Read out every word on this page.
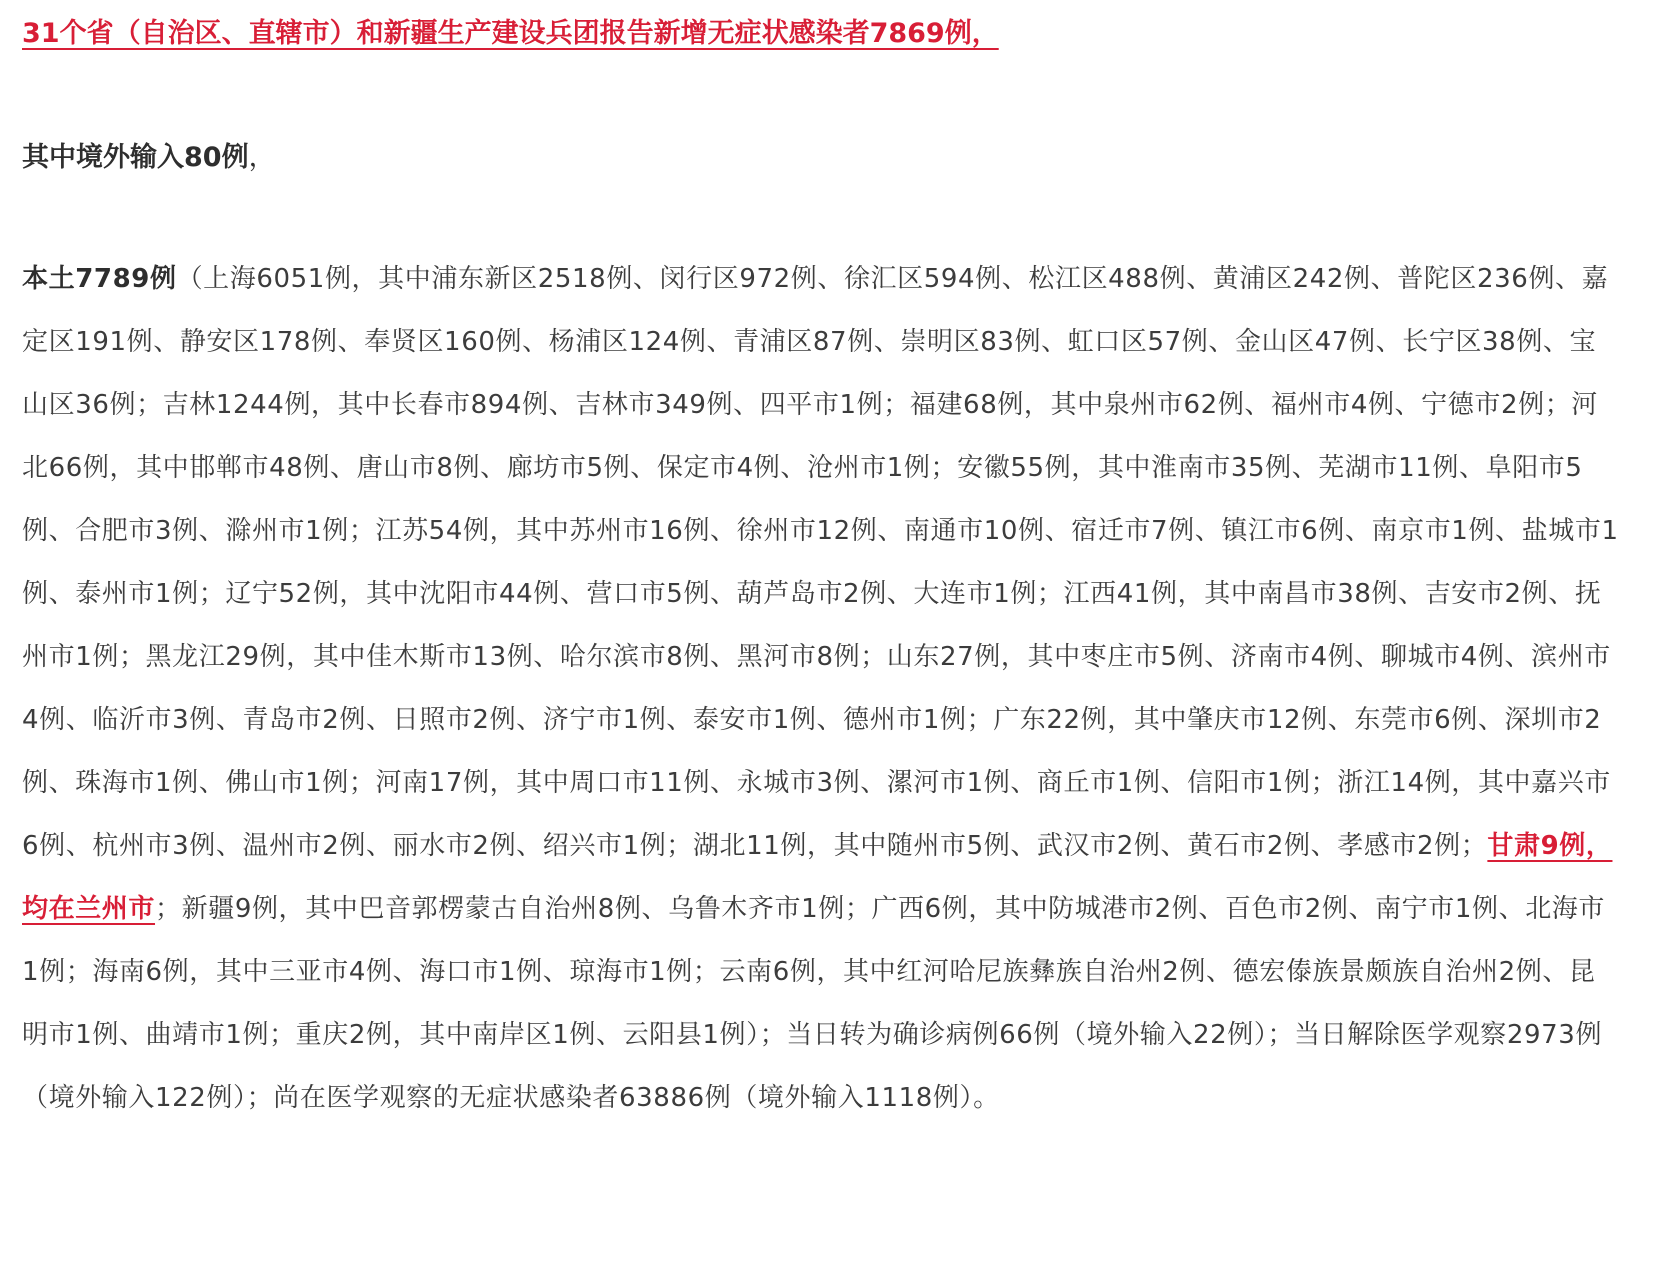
31个省（自治区、直辖市）和新疆生产建设兵团报告新增无症状感染者7869例，

其中境外输入80例，

本土7789例（上海6051例，其中浦东新区2518例、闵行区972例、徐汇区594例、松江区488例、黄浦区242例、普陀区236例、嘉定区191例、静安区178例、奉贤区160例、杨浦区124例、青浦区87例、崇明区83例、虹口区57例、金山区47例、长宁区38例、宝山区36例；吉林1244例，其中长春市894例、吉林市349例、四平市1例；福建68例，其中泉州市62例、福州市4例、宁德市2例；河北66例，其中邯郸市48例、唐山市8例、廊坊市5例、保定市4例、沧州市1例；安徽55例，其中淮南市35例、芜湖市11例、阜阳市5例、合肥市3例、滁州市1例；江苏54例，其中苏州市16例、徐州市12例、南通市10例、宿迁市7例、镇江市6例、南京市1例、盐城市1例、泰州市1例；辽宁52例，其中沈阳市44例、营口市5例、葫芦岛市2例、大连市1例；江西41例，其中南昌市38例、吉安市2例、抚州市1例；黑龙江29例，其中佳木斯市13例、哈尔滨市8例、黑河市8例；山东27例，其中枣庄市5例、济南市4例、聊城市4例、滨州市4例、临沂市3例、青岛市2例、日照市2例、济宁市1例、泰安市1例、德州市1例；广东22例，其中肇庆市12例、东莞市6例、深圳市2例、珠海市1例、佛山市1例；河南17例，其中周口市11例、永城市3例、漯河市1例、商丘市1例、信阳市1例；浙江14例，其中嘉兴市6例、杭州市3例、温州市2例、丽水市2例、绍兴市1例；湖北11例，其中随州市5例、武汉市2例、黄石市2例、孝感市2例；甘肃9例，均在兰州市；新疆9例，其中巴音郭楞蒙古自治州8例、乌鲁木齐市1例；广西6例，其中防城港市2例、百色市2例、南宁市1例、北海市1例；海南6例，其中三亚市4例、海口市1例、琼海市1例；云南6例，其中红河哈尼族彝族自治州2例、德宏傣族景颇族自治州2例、昆明市1例、曲靖市1例；重庆2例，其中南岸区1例、云阳县1例）；当日转为确诊病例66例（境外输入22例）；当日解除医学观察2973例（境外输入122例）；尚在医学观察的无症状感染者63886例（境外输入1118例）。
